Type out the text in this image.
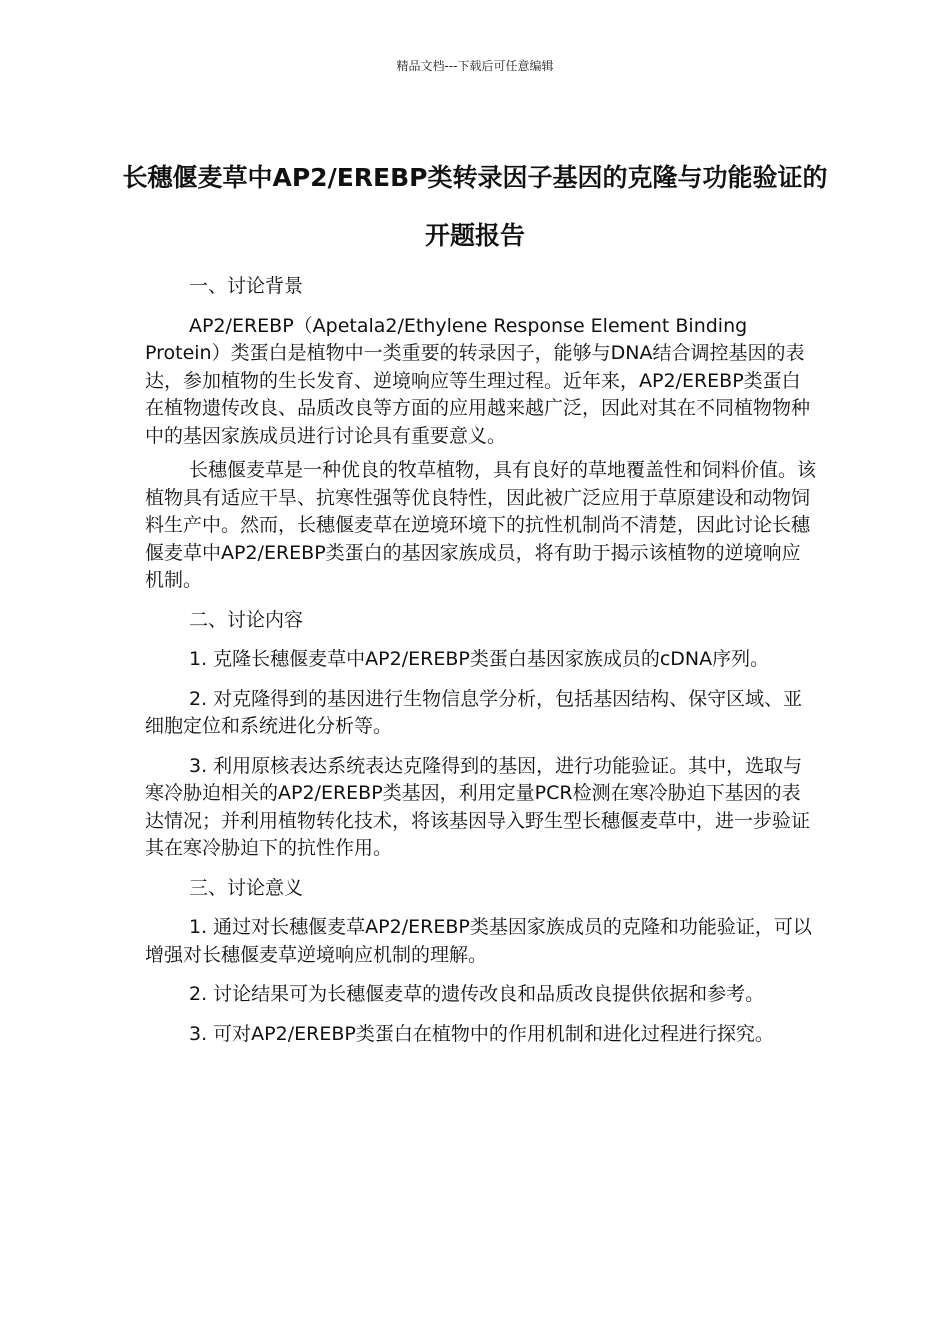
精品文档---下载后可任意编辑
长穗偃麦草中AP2/EREBP类转录因子基因的克隆与功能验证的开题报告

一、讨论背景

AP2/EREBP（Apetala2/Ethylene Response Element Binding Protein）类蛋白是植物中一类重要的转录因子，能够与DNA结合调控基因的表达，参加植物的生长发育、逆境响应等生理过程。近年来，AP2/EREBP类蛋白在植物遗传改良、品质改良等方面的应用越来越广泛，因此对其在不同植物物种中的基因家族成员进行讨论具有重要意义。

长穗偃麦草是一种优良的牧草植物，具有良好的草地覆盖性和饲料价值。该植物具有适应干旱、抗寒性强等优良特性，因此被广泛应用于草原建设和动物饲料生产中。然而，长穗偃麦草在逆境环境下的抗性机制尚不清楚，因此讨论长穗偃麦草中AP2/EREBP类蛋白的基因家族成员，将有助于揭示该植物的逆境响应机制。

二、讨论内容

1. 克隆长穗偃麦草中AP2/EREBP类蛋白基因家族成员的cDNA序列。

2. 对克隆得到的基因进行生物信息学分析，包括基因结构、保守区域、亚细胞定位和系统进化分析等。

3. 利用原核表达系统表达克隆得到的基因，进行功能验证。其中，选取与寒冷胁迫相关的AP2/EREBP类基因，利用定量PCR检测在寒冷胁迫下基因的表达情况；并利用植物转化技术，将该基因导入野生型长穗偃麦草中，进一步验证其在寒冷胁迫下的抗性作用。

三、讨论意义

1. 通过对长穗偃麦草AP2/EREBP类基因家族成员的克隆和功能验证，可以增强对长穗偃麦草逆境响应机制的理解。

2. 讨论结果可为长穗偃麦草的遗传改良和品质改良提供依据和参考。

3. 可对AP2/EREBP类蛋白在植物中的作用机制和进化过程进行探究。
